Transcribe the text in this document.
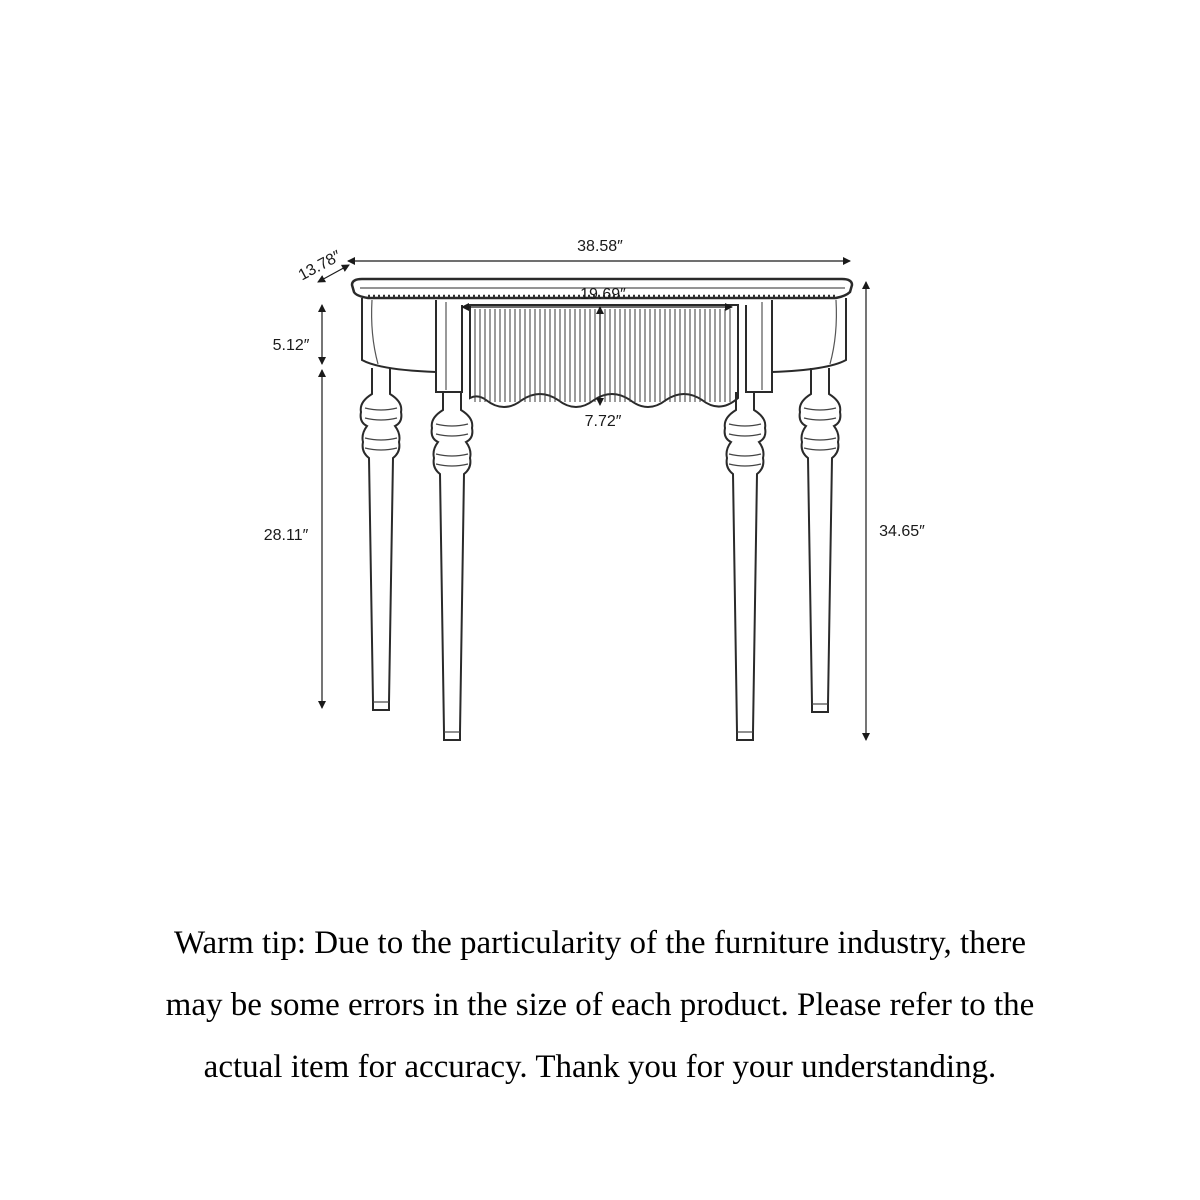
38.58″
13.78″
19.69″
7.72″
5.12″
28.11″	34.65″
Warm tip: Due to the particularity of the furniture industry, there
may be some errors in the size of each product. Please refer to the
actual item for accuracy. Thank you for your understanding.
